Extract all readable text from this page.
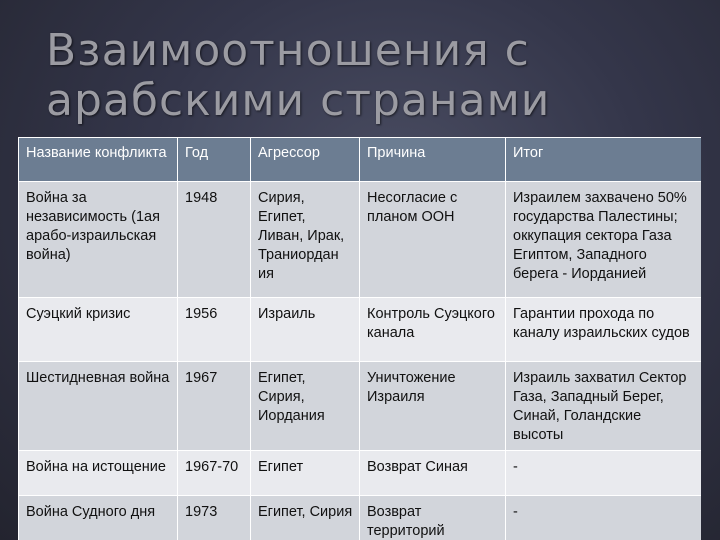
Взаимоотношения с арабскими странами
Название конфликта	Год	Агрессор	Причина	Итог
Война за независимость (1ая арабо-израильская война)	1948	Сирия, Египет, Ливан, Ирак, Трaниордан ия	Несогласие с планом ООН	Израилем захвачено 50% государства Палестины; оккупация сектора Газа Египтом, Западного берега - Иорданией
Суэцкий кризис	1956	Израиль	Контроль Суэцкого канала	Гарантии прохода по каналу израильских судов
Шестидневная война	1967	Египет, Сирия, Иордания	Уничтожение Израиля	Израиль захватил Сектор Газа, Западный Берег, Синай, Голандские высоты
Война на истощение	1967-70	Египет	Возврат Синая	-
Война Судного дня	1973	Египет, Сирия	Возврат территорий	-
